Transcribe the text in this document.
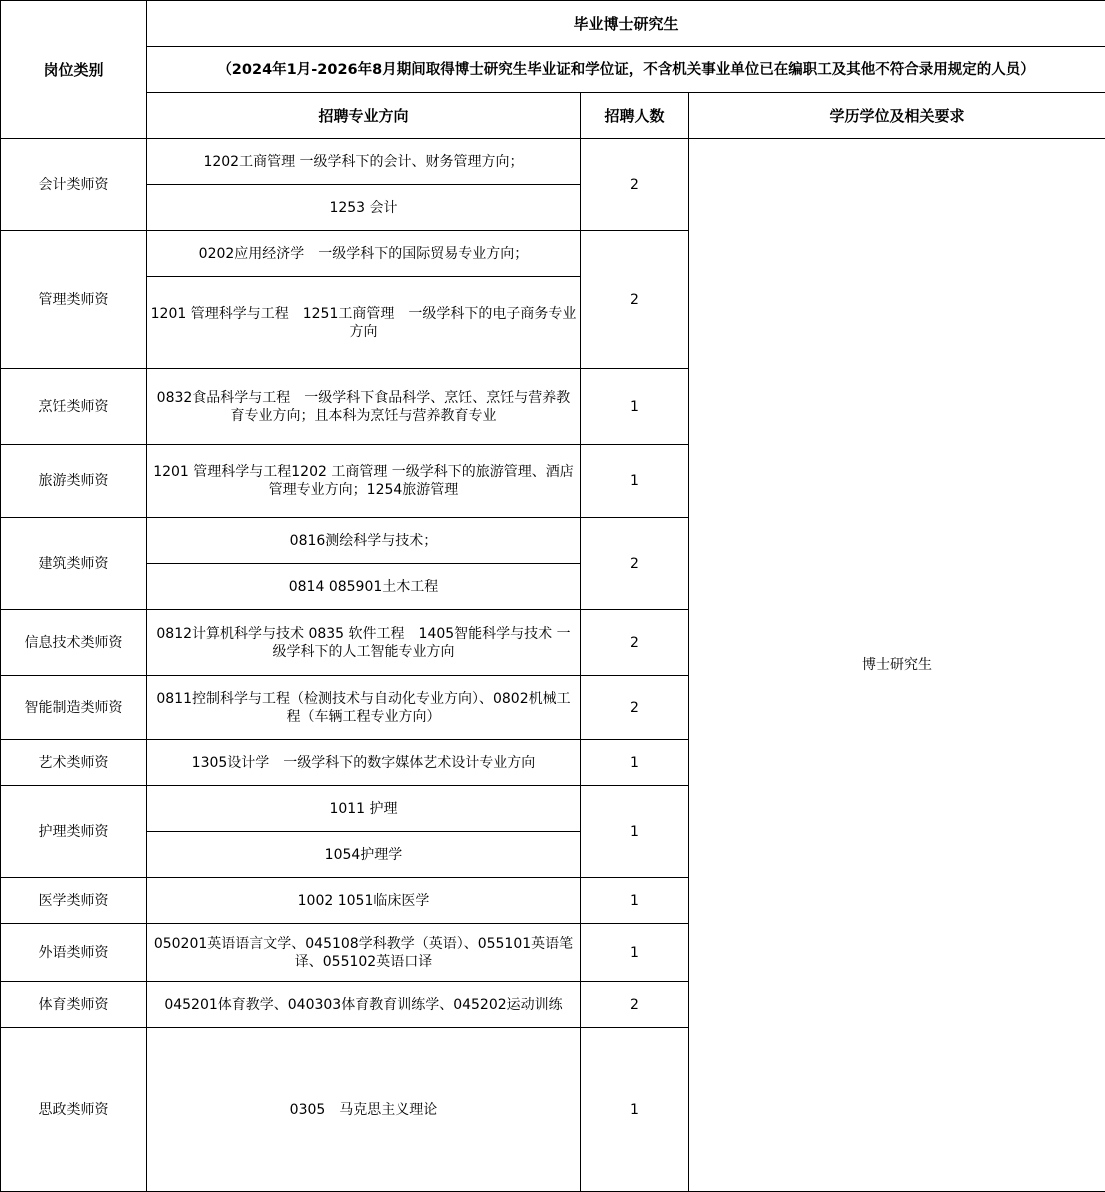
岗位类别	毕业博士研究生			
	（2024年1月-2026年8月期间取得博士研究生毕业证和学位证，不含机关事业单位已在编职工及其他不符合录用规定的人员）			
	招聘专业方向	招聘人数	学历学位及相关要求	
会计类师资	1202工商管理 一级学科下的会计、财务管理方向；	2	博士研究生	
	1253 会计			
管理类师资	0202应用经济学　一级学科下的国际贸易专业方向；	2		
	1201 管理科学与工程　1251工商管理　一级学科下的电子商务专业方向			
烹饪类师资	0832食品科学与工程　一级学科下食品科学、烹饪、烹饪与营养教育专业方向；且本科为烹饪与营养教育专业	1		
旅游类师资	1201 管理科学与工程1202 工商管理 一级学科下的旅游管理、酒店管理专业方向；1254旅游管理	1		
建筑类师资	0816测绘科学与技术；	2		
	0814 085901土木工程			
信息技术类师资	0812计算机科学与技术 0835 软件工程　1405智能科学与技术 一级学科下的人工智能专业方向	2		
智能制造类师资	0811控制科学与工程（检测技术与自动化专业方向）、0802机械工程（车辆工程专业方向）	2		
艺术类师资	1305设计学　一级学科下的数字媒体艺术设计专业方向	1		
护理类师资	1011 护理	1		
	1054护理学			
医学类师资	1002 1051临床医学	1		
外语类师资	050201英语语言文学、045108学科教学（英语）、055101英语笔译、055102英语口译	1		
体育类师资	045201体育教学、040303体育教育训练学、045202运动训练	2		
思政类师资	0305　马克思主义理论	1	
